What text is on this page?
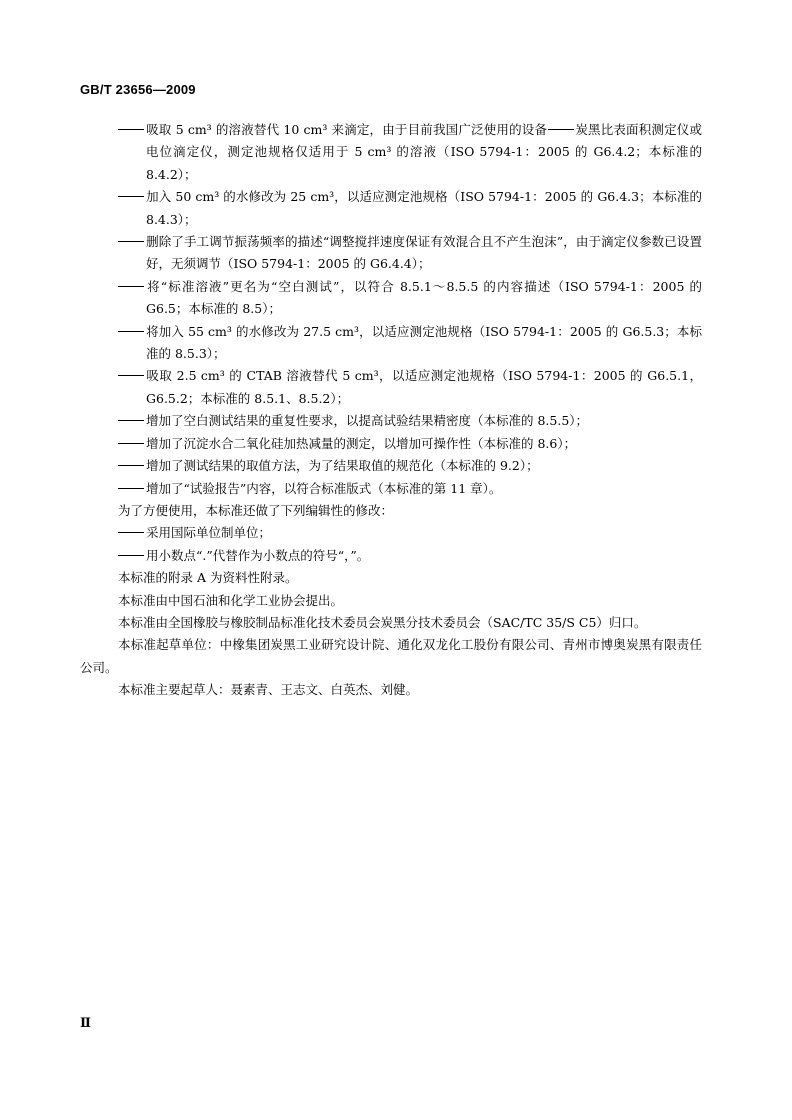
GB/T 23656—2009
吸取 5 cm³ 的溶液替代 10 cm³ 来滴定，由于目前我国广泛使用的设备 炭黑比表面积测定仪或电位滴定仪，测定池规格仅适用于 5 cm³ 的溶液（ISO 5794-1：2005 的 G6.4.2；本标准的 8.4.2）；
加入 50 cm³ 的水修改为 25 cm³，以适应测定池规格（ISO 5794-1：2005 的 G6.4.3；本标准的 8.4.3）；
删除了手工调节振荡频率的描述“调整搅拌速度保证有效混合且不产生泡沫”，由于滴定仪参数已设置好，无须调节（ISO 5794-1：2005 的 G6.4.4）；
将“标准溶液”更名为“空白测试”，以符合 8.5.1～8.5.5 的内容描述（ISO 5794-1：2005 的 G6.5；本标准的 8.5）；
将加入 55 cm³ 的水修改为 27.5 cm³，以适应测定池规格（ISO 5794-1：2005 的 G6.5.3；本标准的 8.5.3）；
吸取 2.5 cm³ 的 CTAB 溶液替代 5 cm³，以适应测定池规格（ISO 5794-1：2005 的 G6.5.1，G6.5.2；本标准的 8.5.1、8.5.2）；
增加了空白测试结果的重复性要求，以提高试验结果精密度（本标准的 8.5.5）；
增加了沉淀水合二氧化硅加热减量的测定，以增加可操作性（本标准的 8.6）；
增加了测试结果的取值方法，为了结果取值的规范化（本标准的 9.2）；
增加了“试验报告”内容，以符合标准版式（本标准的第 11 章）。
为了方便使用，本标准还做了下列编辑性的修改：
采用国际单位制单位；
用小数点“.”代替作为小数点的符号“，”。
本标准的附录 A 为资料性附录。
本标准由中国石油和化学工业协会提出。
本标准由全国橡胶与橡胶制品标准化技术委员会炭黑分技术委员会（SAC/TC 35/S C5）归口。
本标准起草单位：中橡集团炭黑工业研究设计院、通化双龙化工股份有限公司、青州市博奥炭黑有限责任公司。
本标准主要起草人：聂素青、王志文、白英杰、刘健。
Ⅱ
